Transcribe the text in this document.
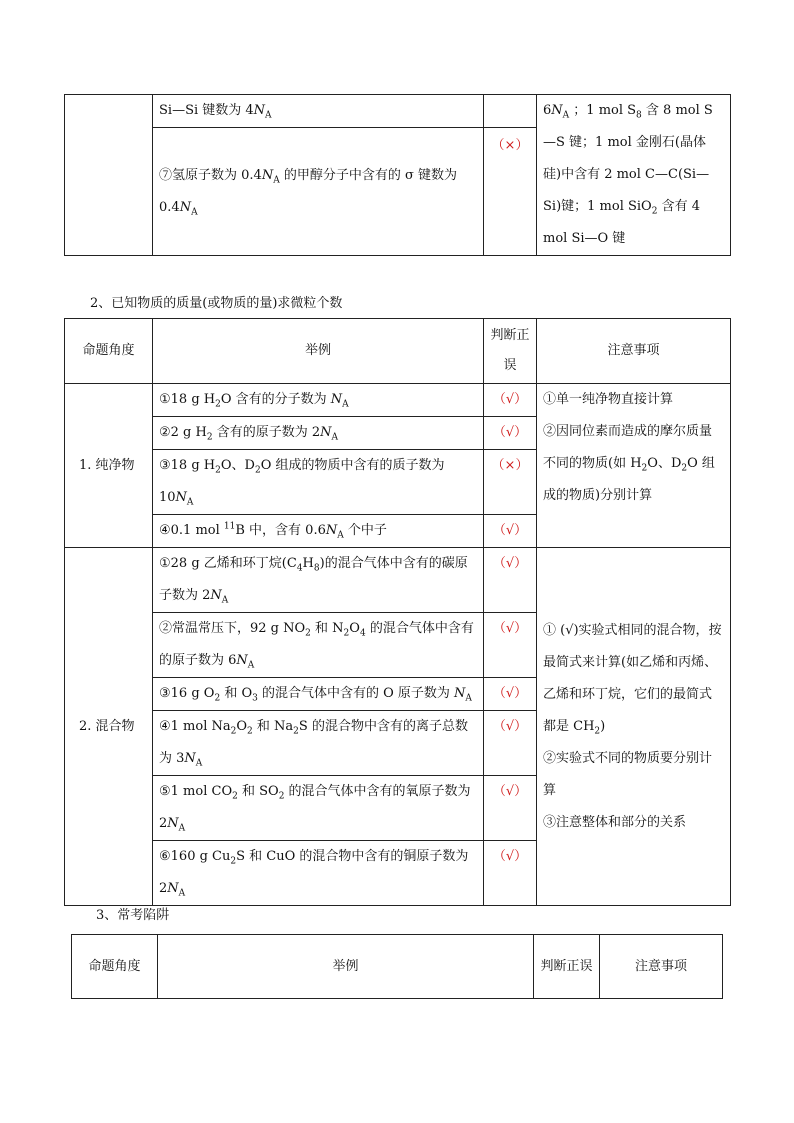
	Si—Si 键数为 $4N_A$		$6N_A$ ；1 mol $S_8$ 含 8 mol S—S 键；1 mol 金刚石(晶体硅)中含有 2 mol C—C(Si—Si)键；1 mol SiO$_2$ 含有 4 mol Si—O 键
	⑦氢原子数为 $0.4N_A$ 的甲醇分子中含有的 σ 键数为 $0.4N_A$	（×）	
2、已知物质的质量(或物质的量)求微粒个数
命题角度	举例	判断正误	注意事项
1. 纯净物	①18 g $H_2O$ 含有的分子数为 $N_A$	（√）	①单一纯净物直接计算
②因同位素而造成的摩尔质量不同的物质(如 $H_2O$、$D_2O$ 组成的物质)分别计算
	②2 g $H_2$ 含有的原子数为 $2N_A$	（√）	
	③18 g $H_2O$、$D_2O$ 组成的物质中含有的质子数为 $10N_A$	（×）	
	④0.1 mol $^{11}$B 中，含有 $0.6N_A$ 个中子	（√）	
2. 混合物	①28 g 乙烯和环丁烷$(C_4H_8)$的混合气体中含有的碳原子数为 $2N_A$	（√）	① (√)实验式相同的混合物，按最简式来计算(如乙烯和丙烯、乙烯和环丁烷，它们的最简式都是 $CH_2$)
②实验式不同的物质要分别计算
③注意整体和部分的关系
	②常温常压下，92 g $NO_2$ 和 $N_2O_4$ 的混合气体中含有的原子数为 $6N_A$	（√）	
	③16 g $O_2$ 和 $O_3$ 的混合气体中含有的 O 原子数为 $N_A$	（√）	
	④1 mol $Na_2O_2$ 和 $Na_2S$ 的混合物中含有的离子总数为 $3N_A$	（√）	
	⑤1 mol $CO_2$ 和 $SO_2$ 的混合气体中含有的氧原子数为 $2N_A$	（√）	
	⑥160 g $Cu_2S$ 和 CuO 的混合物中含有的铜原子数为 $2N_A$	（√）	
3、常考陷阱
命题角度	举例	判断正误	注意事项
